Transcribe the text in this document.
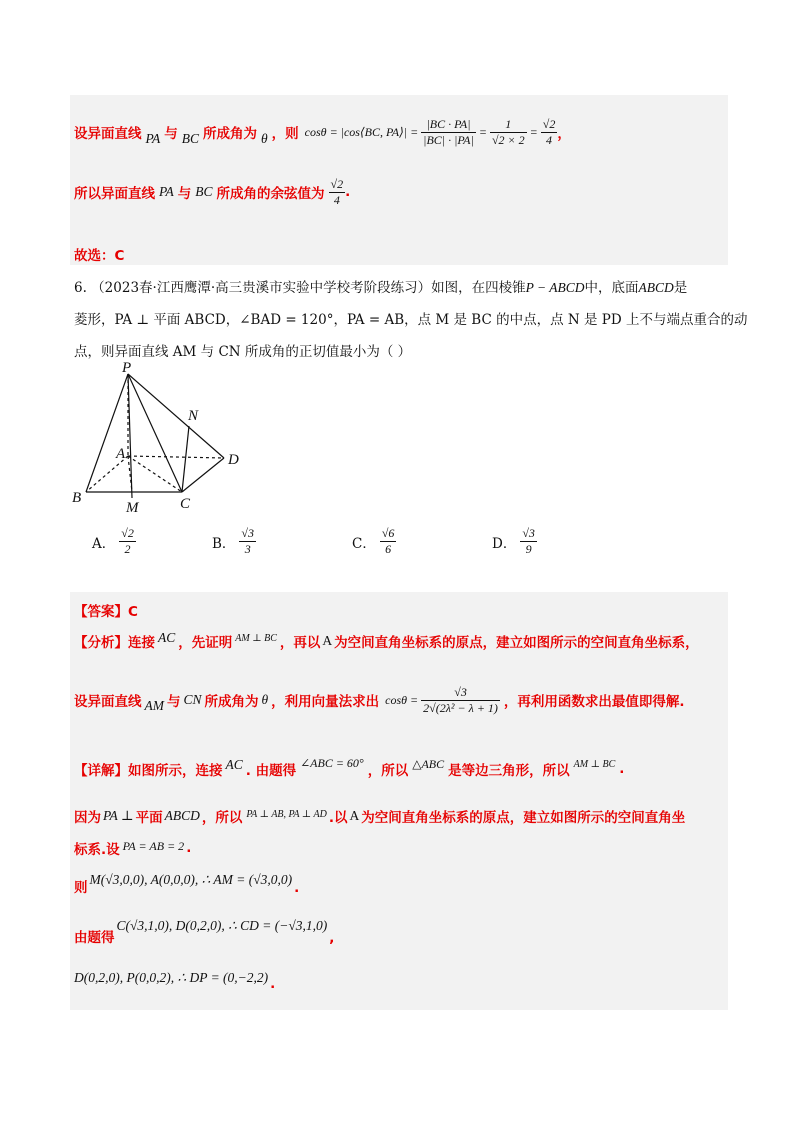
设异面直线 PA 与 BC 所成角为 θ ，则 cosθ = |cos⟨BC, PA⟩| = $\frac{|BC \cdot PA|}{|BC| \cdot |PA|} = \frac{1}{√2 \times 2} = \frac{√2}{4}$ ，
所以异面直线 PA 与 BC 所成角的余弦值为 $\frac{√2}{4}$ .
故选：C
6. （2023春·江西鹰潭·高三贵溪市实验中学校考阶段练习）如图，在四棱锥P − ABCD中，底面ABCD是
菱形，PA ⊥ 平面 ABCD，∠BAD = 120°，PA = AB，点 M 是 BC 的中点，点 N 是 PD 上不与端点重合的动
点，则异面直线 AM 与 CN 所成角的正切值最小为（ ）
P
N
A	D
B
M	C
A． $\frac{√2}{2}$	B． $\frac{√3}{3}$	C． $\frac{√6}{6}$	D． $\frac{√3}{9}$
【答案】C
【分析】连接 AC ，先证明 AM ⊥ BC ，再以 A 为空间直角坐标系的原点，建立如图所示的空间直角坐标系，
设异面直线 AM 与 CN 所成角为 θ ，利用向量法求出 $\cos\theta = \frac{√3}{\text{2√(2λ² − λ + 1)}}$ ，再利用函数求出最值即得解.
【详解】如图所示，连接 AC . 由题得 ∠ABC = 60° ，所以 △ABC 是等边三角形，所以 AM ⊥ BC .
因为 PA ⊥ 平面 ABCD ，所以 PA ⊥ AB, PA ⊥ AD .以 A 为空间直角坐标系的原点，建立如图所示的空间直角坐
标系.设 PA = AB = 2 .
则
M(√3,0,0), A(0,0,0), ∴ AM = (√3,0,0)
.
由题得
C(√3,1,0), D(0,2,0), ∴ CD = (−√3,1,0)
,
D(0,2,0), P(0,0,2), ∴ DP = (0,−2,2) .
